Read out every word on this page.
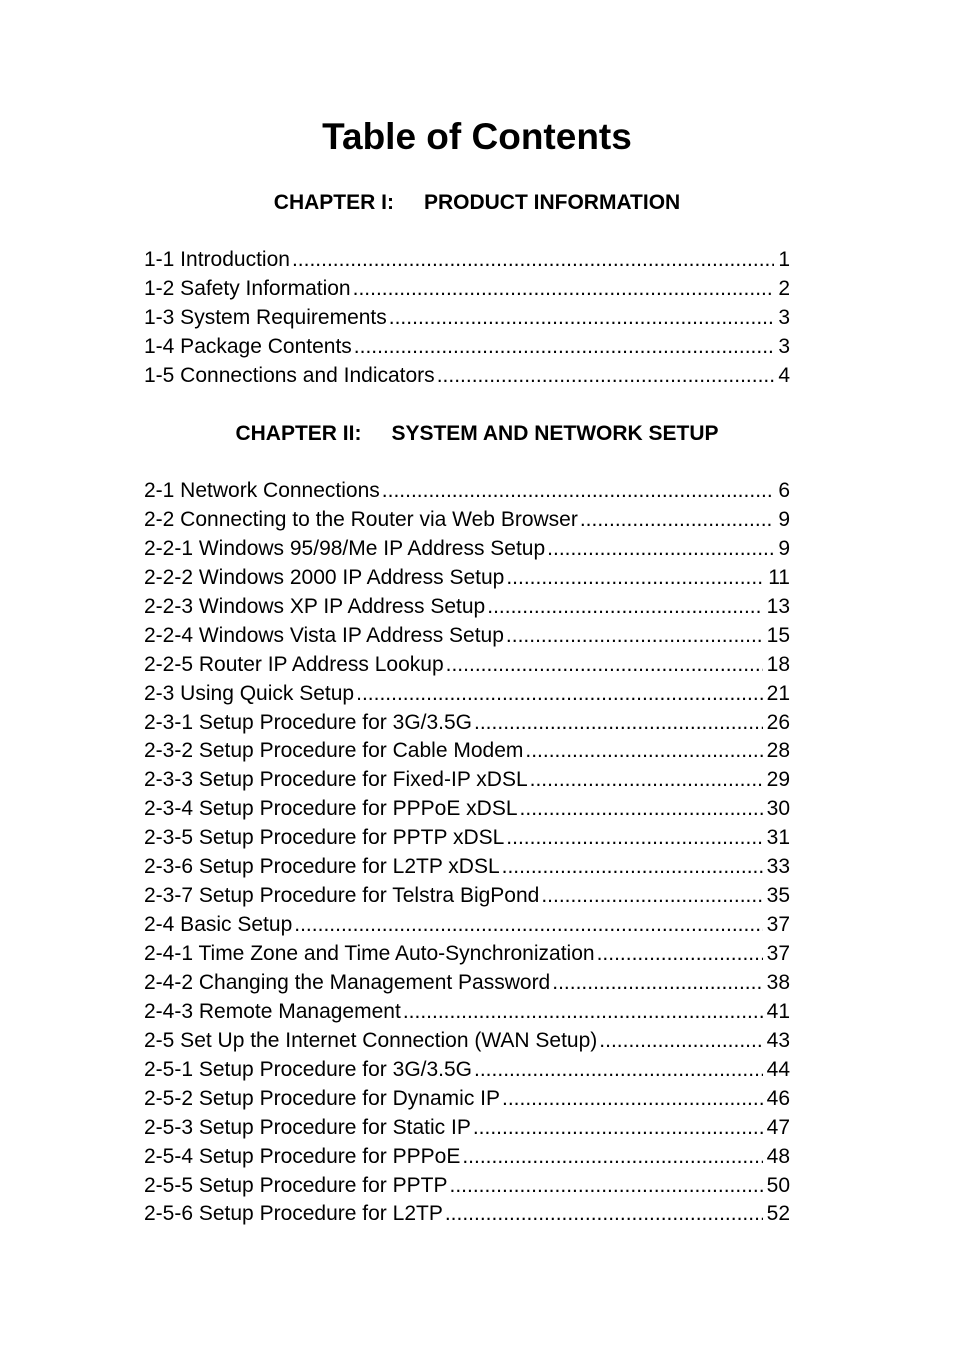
Table of Contents
CHAPTER I: PRODUCT INFORMATION
1-1 Introduction .....	1
1-2 Safety Information .....	2
1-3 System Requirements .....	3
1-4 Package Contents .....	3
1-5 Connections and Indicators .....	4
CHAPTER II: SYSTEM AND NETWORK SETUP
2-1 Network Connections .....	6
2-2 Connecting to the Router via Web Browser .....	9
2-2-1 Windows 95/98/Me IP Address Setup .....	9
2-2-2 Windows 2000 IP Address Setup .....	11
2-2-3 Windows XP IP Address Setup .....	13
2-2-4 Windows Vista IP Address Setup .....	15
2-2-5 Router IP Address Lookup .....	18
2-3 Using Quick Setup .....	21
2-3-1 Setup Procedure for 3G/3.5G .....	26
2-3-2 Setup Procedure for Cable Modem .....	28
2-3-3 Setup Procedure for Fixed-IP xDSL .....	29
2-3-4 Setup Procedure for PPPoE xDSL .....	30
2-3-5 Setup Procedure for PPTP xDSL .....	31
2-3-6 Setup Procedure for L2TP xDSL .....	33
2-3-7 Setup Procedure for Telstra BigPond .....	35
2-4 Basic Setup .....	37
2-4-1 Time Zone and Time Auto-Synchronization .....	37
2-4-2 Changing the Management Password .....	38
2-4-3 Remote Management .....	41
2-5 Set Up the Internet Connection (WAN Setup) .....	43
2-5-1 Setup Procedure for 3G/3.5G .....	44
2-5-2 Setup Procedure for Dynamic IP .....	46
2-5-3 Setup Procedure for Static IP .....	47
2-5-4 Setup Procedure for PPPoE .....	48
2-5-5 Setup Procedure for PPTP .....	50
2-5-6 Setup Procedure for L2TP .....	52
